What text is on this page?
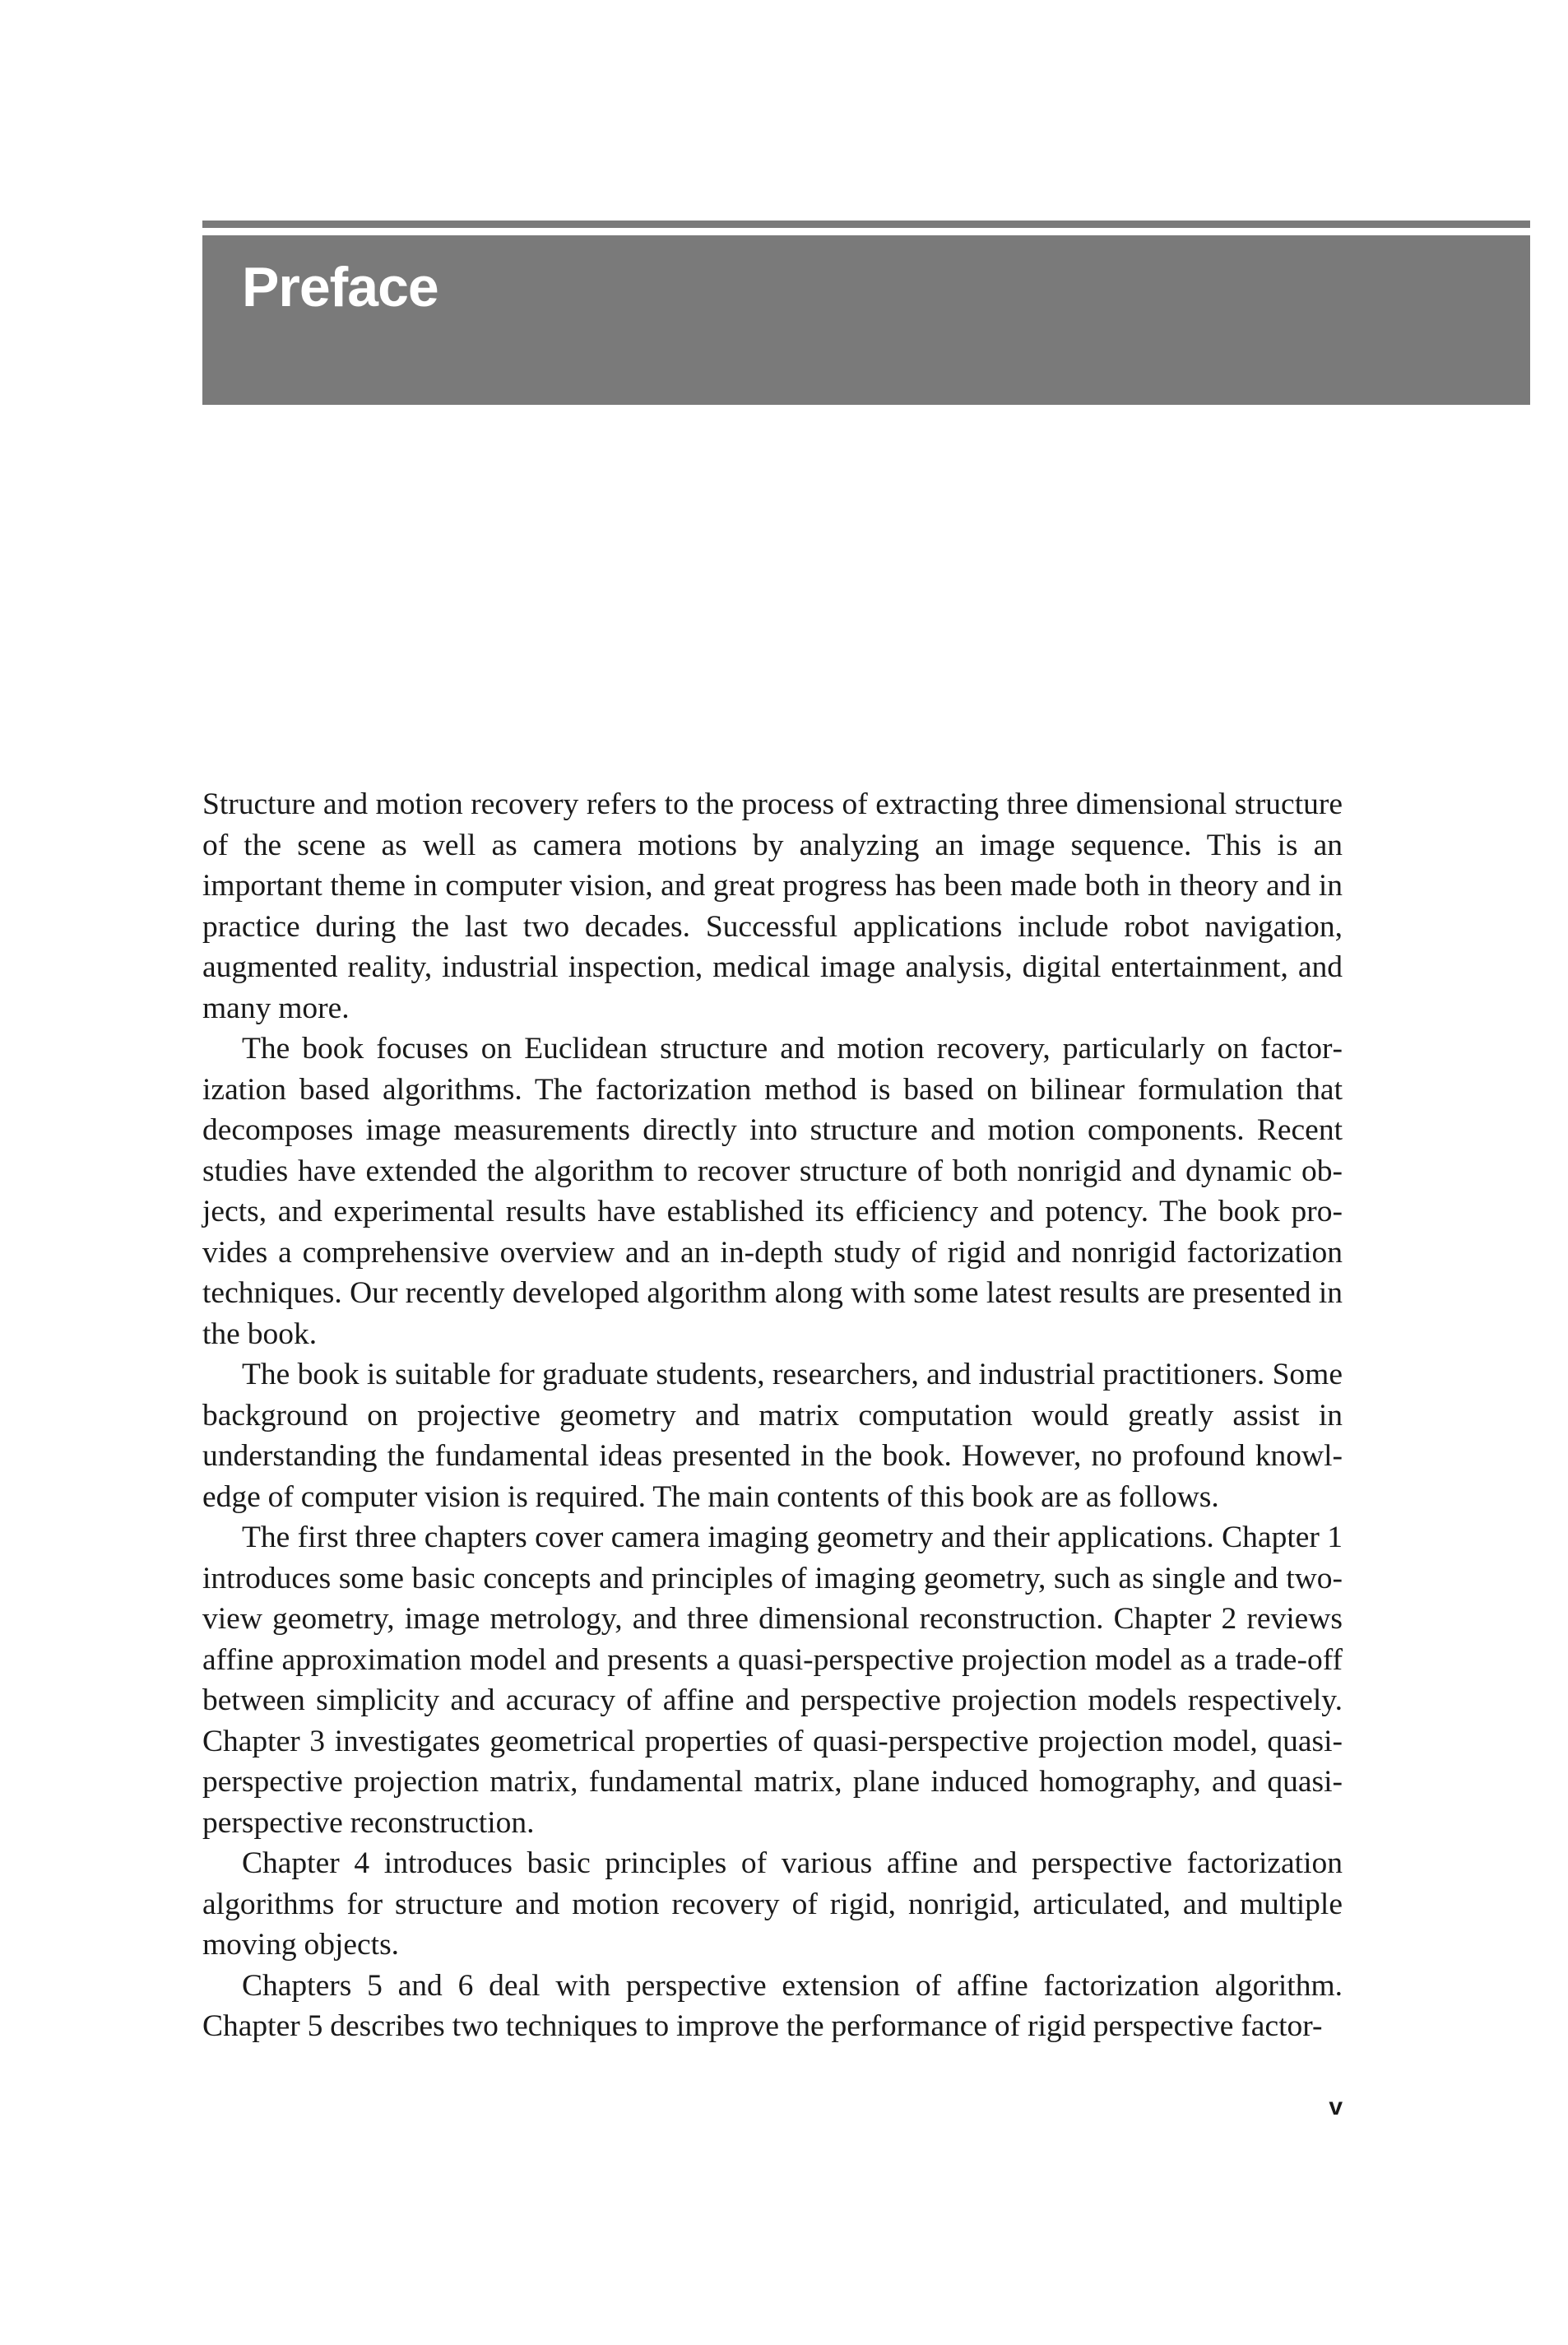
Preface

Structure and motion recovery refers to the process of extracting three dimensional structure of the scene as well as camera motions by analyzing an image sequence. This is an important theme in computer vision, and great progress has been made both in theory and in practice during the last two decades. Successful applications include robot navigation, augmented reality, industrial inspection, medical image analysis, digital entertainment, and many more.

The book focuses on Euclidean structure and motion recovery, particularly on factorization based algorithms. The factorization method is based on bilinear formulation that decomposes image measurements directly into structure and motion components. Recent studies have extended the algorithm to recover structure of both nonrigid and dynamic objects, and experimental results have established its efficiency and potency. The book provides a comprehensive overview and an in-depth study of rigid and nonrigid factorization techniques. Our recently developed algorithm along with some latest results are presented in the book.

The book is suitable for graduate students, researchers, and industrial practitioners. Some background on projective geometry and matrix computation would greatly assist in understanding the fundamental ideas presented in the book. However, no profound knowledge of computer vision is required. The main contents of this book are as follows.

The first three chapters cover camera imaging geometry and their applications. Chapter 1 introduces some basic concepts and principles of imaging geometry, such as single and two-view geometry, image metrology, and three dimensional reconstruction. Chapter 2 reviews affine approximation model and presents a quasi-perspective projection model as a trade-off between simplicity and accuracy of affine and perspective projection models respectively. Chapter 3 investigates geometrical properties of quasi-perspective projection model, quasi-perspective projection matrix, fundamental matrix, plane induced homography, and quasi-perspective reconstruction.

Chapter 4 introduces basic principles of various affine and perspective factorization algorithms for structure and motion recovery of rigid, nonrigid, articulated, and multiple moving objects.

Chapters 5 and 6 deal with perspective extension of affine factorization algorithm. Chapter 5 describes two techniques to improve the performance of rigid perspective factor-

v
